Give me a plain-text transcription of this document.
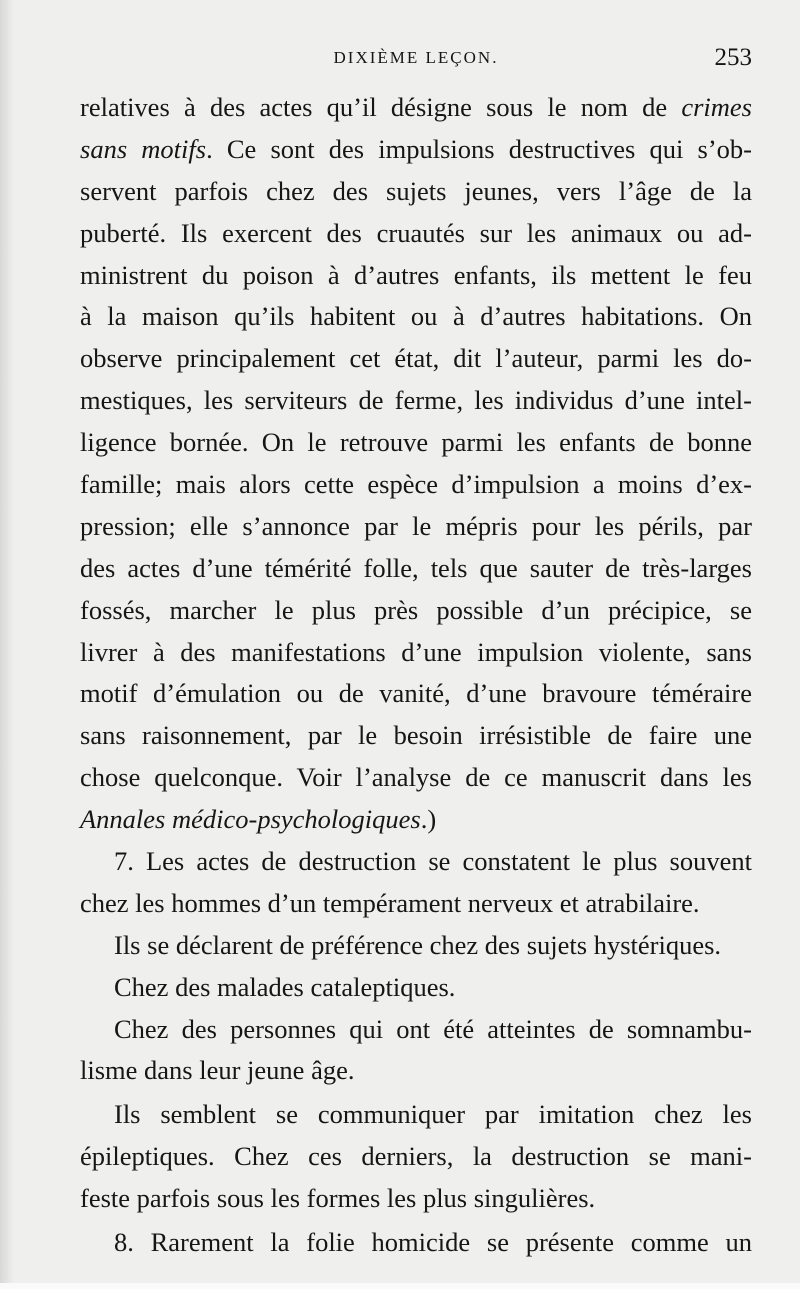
DIXIÈME LEÇON.	253
relatives à des actes qu’il désigne sous le nom de crimes
sans motifs. Ce sont des impulsions destructives qui s’ob-
servent parfois chez des sujets jeunes, vers l’âge de la
puberté. Ils exercent des cruautés sur les animaux ou ad-
ministrent du poison à d’autres enfants, ils mettent le feu
à la maison qu’ils habitent ou à d’autres habitations. On
observe principalement cet état, dit l’auteur, parmi les do-
mestiques, les serviteurs de ferme, les individus d’une intel-
ligence bornée. On le retrouve parmi les enfants de bonne
famille; mais alors cette espèce d’impulsion a moins d’ex-
pression; elle s’annonce par le mépris pour les périls, par
des actes d’une témérité folle, tels que sauter de très-larges
fossés, marcher le plus près possible d’un précipice, se
livrer à des manifestations d’une impulsion violente, sans
motif d’émulation ou de vanité, d’une bravoure téméraire
sans raisonnement, par le besoin irrésistible de faire une
chose quelconque. Voir l’analyse de ce manuscrit dans les
Annales médico-psychologiques.)
7. Les actes de destruction se constatent le plus souvent
chez les hommes d’un tempérament nerveux et atrabilaire.
Ils se déclarent de préférence chez des sujets hystériques.
Chez des malades cataleptiques.
Chez des personnes qui ont été atteintes de somnambu-
lisme dans leur jeune âge.
Ils semblent se communiquer par imitation chez les
épileptiques. Chez ces derniers, la destruction se mani-
feste parfois sous les formes les plus singulières.
8. Rarement la folie homicide se présente comme un
